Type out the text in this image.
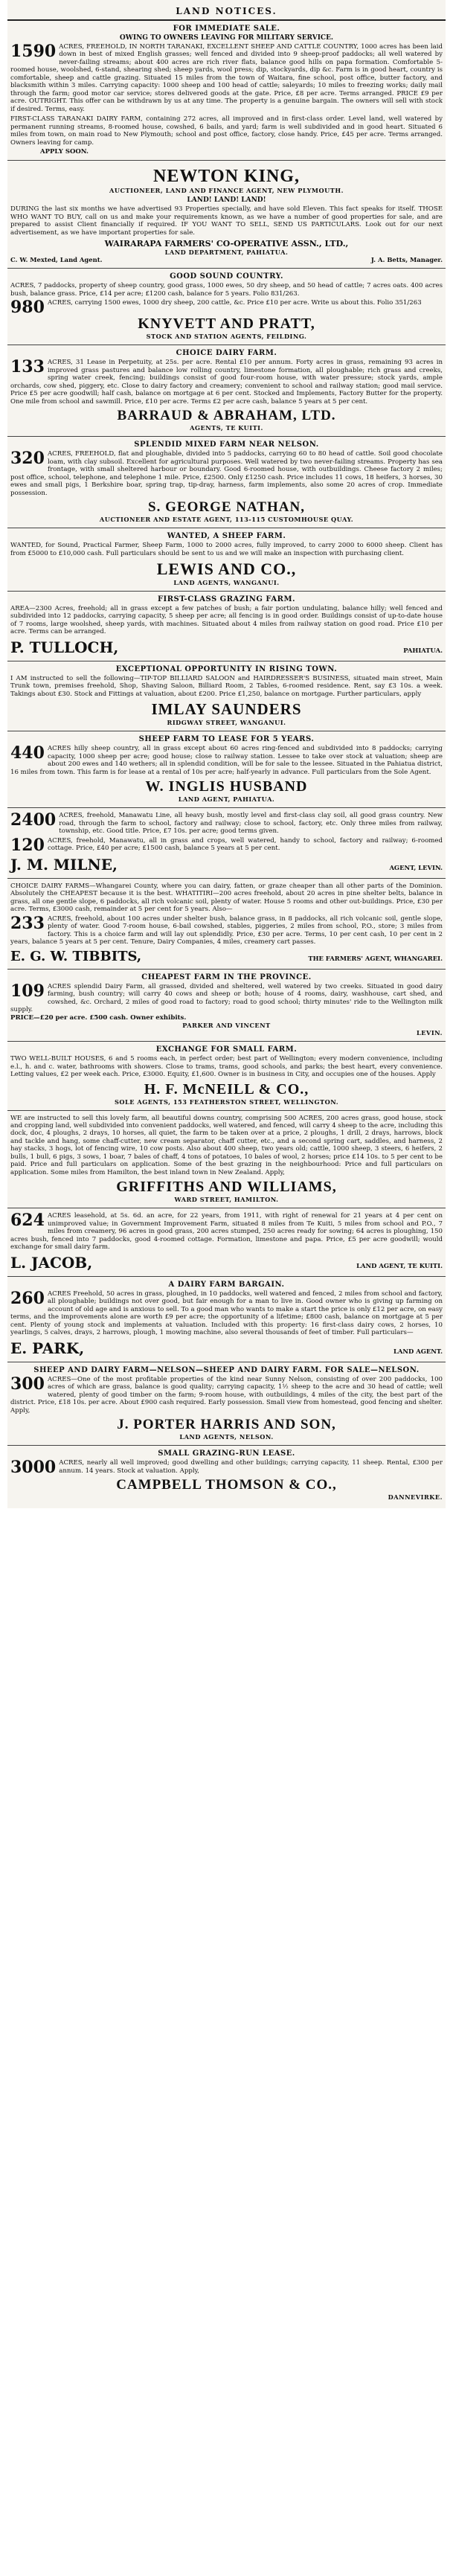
LAND NOTICES.
FOR IMMEDIATE SALE.
OWING TO OWNERS LEAVING FOR MILITARY SERVICE.
1590 ACRES, FREEHOLD, IN NORTH TARANAKI, EXCELLENT SHEEP AND CATTLE COUNTRY, 1000 acres has been laid down in best of mixed English grasses; well fenced and divided into 9 sheep-proof paddocks; all well watered by never-failing streams; about 400 acres are rich river flats, balance good hills on papa formation. Comfortable 5-roomed house, woolshed, 6-stand, shearing shed; sheep yards, wool press; dip, stockyards, dip &c. Farm is in good heart, country is comfortable, sheep and cattle grazing. Situated 15 miles from the town of Waitara, fine school, post office, butter factory, and blacksmith within 3 miles. Carrying capacity: 1000 sheep and 100 head of cattle; saleyards; 10 miles to freezing works; daily mail through the farm; good motor car service; stores delivered goods at the gate. Price, £8 per acre. Terms arranged. PRICE £9 per acre. OUTRIGHT. This offer can be withdrawn by us at any time. The property is a genuine bargain. The owners will sell with stock if desired. Terms, easy.
FIRST-CLASS TARANAKI DAIRY FARM, containing 272 acres, all improved and in first-class order. Level land, well watered by permanent running streams, 8-roomed house, cowshed, 6 bails, and yard; farm is well subdivided and in good heart. Situated 6 miles from town, on main road to New Plymouth; school and post office, factory, close handy. Price, £45 per acre. Terms arranged. Owners leaving for camp.
APPLY SOON.
NEWTON KING,
AUCTIONEER, LAND AND FINANCE AGENT, NEW PLYMOUTH.
LAND! LAND! LAND!
DURING the last six months we have advertised 93 Properties specially, and have sold Eleven. This fact speaks for itself. THOSE WHO WANT TO BUY, call on us and make your requirements known, as we have a number of good properties for sale, and are prepared to assist Client financially if required. IF YOU WANT TO SELL, SEND US PARTICULARS. Look out for our next advertisement, as we have important properties for sale.
WAIRARAPA FARMERS' CO-OPERATIVE ASSN., LTD.,
LAND DEPARTMENT, PAHIATUA.
C. W. Mexted, Land Agent.	J. A. Betts, Manager.
GOOD SOUND COUNTRY.
ACRES, 7 paddocks, property of sheep country, good grass, 1000 ewes, 50 dry sheep, and 50 head of cattle; 7 acres oats. 400 acres bush, balance grass. Price, £14 per acre; £1200 cash, balance for 5 years. Folio 831/263.
980 ACRES, carrying 1500 ewes, 1000 dry sheep, 200 cattle, &c. Price £10 per acre. Write us about this. Folio 351/263
KNYVETT AND PRATT,
STOCK AND STATION AGENTS, FEILDING.
CHOICE DAIRY FARM.
133 ACRES, 31 Lease in Perpetuity, at 25s. per acre. Rental £10 per annum. Forty acres in grass, remaining 93 acres in improved grass pastures and balance low rolling country, limestone formation, all ploughable; rich grass and creeks, spring water creek, fencing; buildings consist of good four-room house, with water pressure; stock yards, ample orchards, cow shed, piggery, etc. Close to dairy factory and creamery; convenient to school and railway station; good mail service. Price £5 per acre goodwill; half cash, balance on mortgage at 6 per cent. Stocked and Implements, Factory Butter for the property. One mile from school and sawmill. Price, £10 per acre. Terms £2 per acre cash, balance 5 years at 5 per cent.
BARRAUD & ABRAHAM, LTD.
AGENTS, TE KUITI.
SPLENDID MIXED FARM NEAR NELSON.
320 ACRES, FREEHOLD, flat and ploughable, divided into 5 paddocks, carrying 60 to 80 head of cattle. Soil good chocolate loam, with clay subsoil. Excellent for agricultural purposes. Well watered by two never-failing streams. Property has sea frontage, with small sheltered harbour or boundary. Good 6-roomed house, with outbuildings. Cheese factory 2 miles; post office, school, telephone, and telephone 1 mile. Price, £2500. Only £1250 cash. Price includes 11 cows, 18 heifers, 3 horses, 30 ewes and small pigs, 1 Berkshire boar, spring trap, tip-dray, harness, farm implements, also some 20 acres of crop. Immediate possession.
S. GEORGE NATHAN,
AUCTIONEER AND ESTATE AGENT, 113-115 CUSTOMHOUSE QUAY.
WANTED, A SHEEP FARM.
WANTED, for Sound, Practical Farmer, Sheep Farm, 1000 to 2000 acres, fully improved, to carry 2000 to 6000 sheep. Client has from £5000 to £10,000 cash. Full particulars should be sent to us and we will make an inspection with purchasing client.
LEWIS AND CO.,
LAND AGENTS, WANGANUI.
FIRST-CLASS GRAZING FARM.
AREA—2300 Acres, freehold; all in grass except a few patches of bush; a fair portion undulating, balance hilly; well fenced and subdivided into 12 paddocks, carrying capacity, 5 sheep per acre; all fencing is in good order. Buildings consist of up-to-date house of 7 rooms, large woolshed, sheep yards, with machines. Situated about 4 miles from railway station on good road. Price £10 per acre. Terms can be arranged.
P. TULLOCH,	PAHIATUA.
EXCEPTIONAL OPPORTUNITY IN RISING TOWN.
I AM instructed to sell the following—TIP-TOP BILLIARD SALOON and HAIRDRESSER'S BUSINESS, situated main street, Main Trunk town, premises freehold, Shop, Shaving Saloon, Billiard Room, 2 Tables, 6-roomed residence. Rent, say £3 10s. a week. Takings about £30. Stock and Fittings at valuation, about £200. Price £1,250, balance on mortgage. Further particulars, apply
IMLAY SAUNDERS
RIDGWAY STREET, WANGANUI.
SHEEP FARM TO LEASE FOR 5 YEARS.
440 ACRES hilly sheep country, all in grass except about 60 acres ring-fenced and subdivided into 8 paddocks; carrying capacity, 1000 sheep per acre; good house; close to railway station. Lessee to take over stock at valuation; sheep are about 200 ewes and 140 wethers; all in splendid condition, will be for sale to the lessee. Situated in the Pahiatua district, 16 miles from town. This farm is for lease at a rental of 10s per acre; half-yearly in advance. Full particulars from the Sole Agent.
W. INGLIS HUSBAND
LAND AGENT, PAHIATUA.
2400 ACRES, freehold, Manawatu Line, all heavy bush, mostly level and first-class clay soil, all good grass country. New road, through the farm to school, factory and railway; close to school, factory, etc. Only three miles from railway, township, etc. Good title. Price, £7 10s. per acre; good terms given.
120 ACRES, freehold, Manawatu, all in grass and crops, well watered, handy to school, factory and railway; 6-roomed cottage. Price, £40 per acre; £1500 cash, balance 5 years at 5 per cent.
J. M. MILNE,	AGENT, LEVIN.
CHOICE DAIRY FARMS—Whangarei County, where you can dairy, fatten, or graze cheaper than all other parts of the Dominion. Absolutely the CHEAPEST because it is the best. WHATITIRI—200 acres freehold, about 20 acres in pine shelter belts, balance in grass, all one gentle slope, 6 paddocks, all rich volcanic soil, plenty of water. House 5 rooms and other out-buildings. Price, £30 per acre. Terms, £3000 cash, remainder at 5 per cent for 5 years. Also—
233 ACRES, freehold, about 100 acres under shelter bush, balance grass, in 8 paddocks, all rich volcanic soil, gentle slope, plenty of water. Good 7-room house, 6-bail cowshed, stables, piggeries, 2 miles from school, P.O., store; 3 miles from factory. This is a choice farm and will lay out splendidly. Price, £30 per acre. Terms, 10 per cent cash, 10 per cent in 2 years, balance 5 years at 5 per cent. Tenure, Dairy Companies, 4 miles, creamery cart passes.
E. G. W. TIBBITS,	THE FARMERS' AGENT, WHANGAREI.
CHEAPEST FARM IN THE PROVINCE.
109 ACRES splendid Dairy Farm, all grassed, divided and sheltered, well watered by two creeks. Situated in good dairy farming, bush country; will carry 40 cows and sheep or both; house of 4 rooms, dairy, washhouse, cart shed, and cowshed, &c. Orchard, 2 miles of good road to factory; road to good school; thirty minutes' ride to the Wellington milk supply.
PRICE—£20 per acre. £500 cash. Owner exhibits.
PARKER AND VINCENT
LEVIN.
EXCHANGE FOR SMALL FARM.
TWO WELL-BUILT HOUSES, 6 and 5 rooms each, in perfect order; best part of Wellington; every modern convenience, including e.l., h. and c. water, bathrooms with showers. Close to trams, trams, good schools, and parks; the best heart, every convenience. Letting values, £2 per week each. Price, £3000. Equity, £1,600. Owner is in business in City, and occupies one of the houses. Apply
H. F. McNEILL & CO.,
SOLE AGENTS, 153 FEATHERSTON STREET, WELLINGTON.
WE are instructed to sell this lovely farm, all beautiful downs country, comprising 500 ACRES, 200 acres grass, good house, stock and cropping land, well subdivided into convenient paddocks, well watered, and fenced, will carry 4 sheep to the acre, including this dock, doc, 4 ploughs, 2 drays, 10 horses, all quiet, the farm to be taken over at a price, 2 ploughs, 1 drill, 2 drays, harrows, block and tackle and hang, some chaff-cutter, new cream separator, chaff cutter, etc., and a second spring cart, saddles, and harness, 2 hay stacks, 3 hogs, lot of fencing wire, 10 cow posts. Also about 400 sheep, two years old; cattle, 1000 sheep, 3 steers, 6 heifers, 2 bulls, 1 bull, 6 pigs, 3 sows, 1 boar, 7 bales of chaff, 4 tons of potatoes, 10 bales of wool, 2 horses; price £14 10s. to 5 per cent to be paid. Price and full particulars on application. Some of the best grazing in the neighbourhood: Price and full particulars on application. Some miles from Hamilton, the best inland town in New Zealand. Apply,
GRIFFITHS AND WILLIAMS,
WARD STREET, HAMILTON.
624 ACRES leasehold, at 5s. 6d. an acre, for 22 years, from 1911, with right of renewal for 21 years at 4 per cent on unimproved value; in Government Improvement Farm, situated 8 miles from Te Kuiti, 5 miles from school and P.O., 7 miles from creamery, 96 acres in good grass, 200 acres stumped, 250 acres ready for sowing; 64 acres is ploughing, 150 acres bush, fenced into 7 paddocks, good 4-roomed cottage. Formation, limestone and papa. Price, £5 per acre goodwill; would exchange for small dairy farm.
L. JACOB,	LAND AGENT, TE KUITI.
A DAIRY FARM BARGAIN.
260 ACRES Freehold, 50 acres in grass, ploughed, in 10 paddocks, well watered and fenced, 2 miles from school and factory, all ploughable; buildings not over good, but fair enough for a man to live in. Good owner who is giving up farming on account of old age and is anxious to sell. To a good man who wants to make a start the price is only £12 per acre, on easy terms, and the improvements alone are worth £9 per acre; the opportunity of a lifetime; £800 cash, balance on mortgage at 5 per cent. Plenty of young stock and implements at valuation. Included with this property: 16 first-class dairy cows, 2 horses, 10 yearlings, 5 calves, drays, 2 harrows, plough, 1 mowing machine, also several thousands of feet of timber. Full particulars—
E. PARK,	LAND AGENT.
SHEEP AND DAIRY FARM—NELSON—SHEEP AND DAIRY FARM. FOR SALE—NELSON.
300 ACRES—One of the most profitable properties of the kind near Sunny Nelson, consisting of over 200 paddocks, 100 acres of which are grass, balance is good quality; carrying capacity, 1½ sheep to the acre and 30 head of cattle; well watered, plenty of good timber on the farm; 9-room house, with outbuildings, 4 miles of the city, the best part of the district. Price, £18 10s. per acre. About £900 cash required. Early possession. Small view from homestead, good fencing and shelter. Apply,
J. PORTER HARRIS AND SON,
LAND AGENTS, NELSON.
SMALL GRAZING-RUN LEASE.
3000 ACRES, nearly all well improved; good dwelling and other buildings; carrying capacity, 11 sheep. Rental, £300 per annum. 14 years. Stock at valuation. Apply,
CAMPBELL THOMSON & CO.,
DANNEVIRKE.
